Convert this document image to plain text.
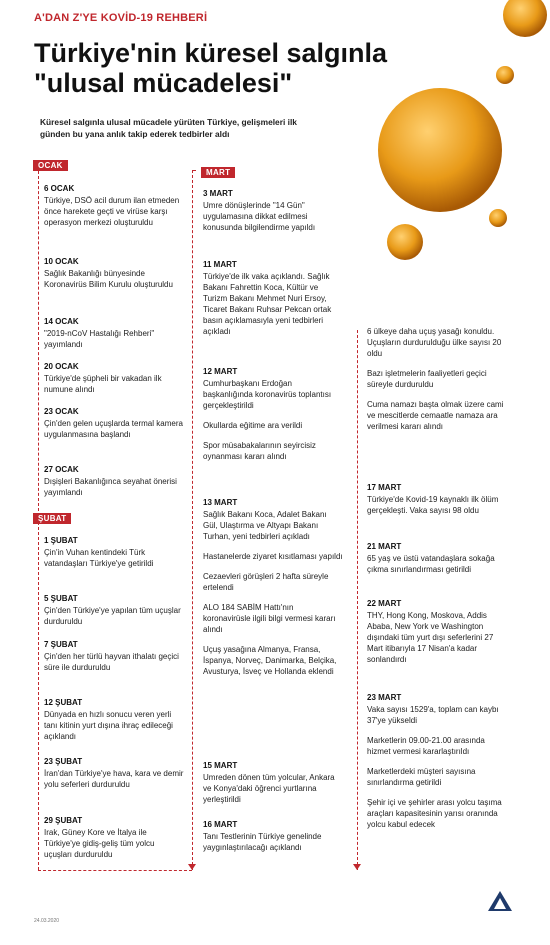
A'DAN Z'YE KOVİD-19 REHBERİ
Türkiye'nin küresel salgınla
"ulusal mücadelesi"
Küresel salgınla ulusal mücadele yürüten Türkiye, gelişmeleri ilk
günden bu yana anlık takip ederek tedbirler aldı
OCAK
ŞUBAT
MART
6 OCAK
Türkiye, DSÖ acil durum ilan etmeden önce harekete geçti ve virüse karşı operasyon merkezi oluşturuldu
10 OCAK
Sağlık Bakanlığı bünyesinde Koronavirüs Bilim Kurulu oluşturuldu
14 OCAK
"2019-nCoV Hastalığı Rehberi" yayımlandı
20 OCAK
Türkiye'de şüpheli bir vakadan ilk numune alındı
23 OCAK
Çin'den gelen uçuşlarda termal kamera uygulanmasına başlandı
27 OCAK
Dışişleri Bakanlığınca seyahat önerisi yayımlandı
1 ŞUBAT
Çin'in Vuhan kentindeki Türk vatandaşları Türkiye'ye getirildi
5 ŞUBAT
Çin'den Türkiye'ye yapılan tüm uçuşlar durduruldu
7 ŞUBAT
Çin'den her türlü hayvan ithalatı geçici süre ile durduruldu
12 ŞUBAT
Dünyada en hızlı sonucu veren yerli tanı kitinin yurt dışına ihraç edileceği açıklandı
23 ŞUBAT
İran'dan Türkiye'ye hava, kara ve demir yolu seferleri durduruldu
29 ŞUBAT
Irak, Güney Kore ve İtalya ile Türkiye'ye gidiş-geliş tüm yolcu uçuşları durduruldu
3 MART
Umre dönüşlerinde "14 Gün" uygulamasına dikkat edilmesi konusunda bilgilendirme yapıldı
11 MART
Türkiye'de ilk vaka açıklandı. Sağlık Bakanı Fahrettin Koca, Kültür ve Turizm Bakanı Mehmet Nuri Ersoy, Ticaret Bakanı Ruhsar Pekcan ortak basın açıklamasıyla yeni tedbirleri açıkladı
12 MART
Cumhurbaşkanı Erdoğan başkanlığında koronavirüs toplantısı gerçekleştirildi
Okullarda eğitime ara verildi
Spor müsabakalarının seyircisiz oynanması kararı alındı
13 MART
Sağlık Bakanı Koca, Adalet Bakanı Gül, Ulaştırma ve Altyapı Bakanı Turhan, yeni tedbirleri açıkladı
Hastanelerde ziyaret kısıtlaması yapıldı
Cezaevleri görüşleri 2 hafta süreyle ertelendi
ALO 184 SABİM Hattı'nın koronavirüsle ilgili bilgi vermesi kararı alındı
Uçuş yasağına Almanya, Fransa, İspanya, Norveç, Danimarka, Belçika, Avusturya, İsveç ve Hollanda eklendi
15 MART
Umreden dönen tüm yolcular, Ankara ve Konya'daki öğrenci yurtlarına yerleştirildi
16 MART
Tanı Testlerinin Türkiye genelinde yaygınlaştırılacağı açıklandı
6 ülkeye daha uçuş yasağı konuldu. Uçuşların durdurulduğu ülke sayısı 20 oldu
Bazı işletmelerin faaliyetleri geçici süreyle durduruldu
Cuma namazı başta olmak üzere cami ve mescitlerde cemaatle namaza ara verilmesi kararı alındı
17 MART
Türkiye'de Kovid-19 kaynaklı ilk ölüm gerçekleşti. Vaka sayısı 98 oldu
21 MART
65 yaş ve üstü vatandaşlara sokağa çıkma sınırlandırması getirildi
22 MART
THY, Hong Kong, Moskova, Addis Ababa, New York ve Washington dışındaki tüm yurt dışı seferlerini 27 Mart itibarıyla 17 Nisan'a kadar sonlandırdı
23 MART
Vaka sayısı 1529'a, toplam can kaybı 37'ye yükseldi
Marketlerin 09.00-21.00 arasında hizmet vermesi kararlaştırıldı
Marketlerdeki müşteri sayısına sınırlandırma getirildi
Şehir içi ve şehirler arası yolcu taşıma araçları kapasitesinin yarısı oranında yolcu kabul edecek
24.03.2020
